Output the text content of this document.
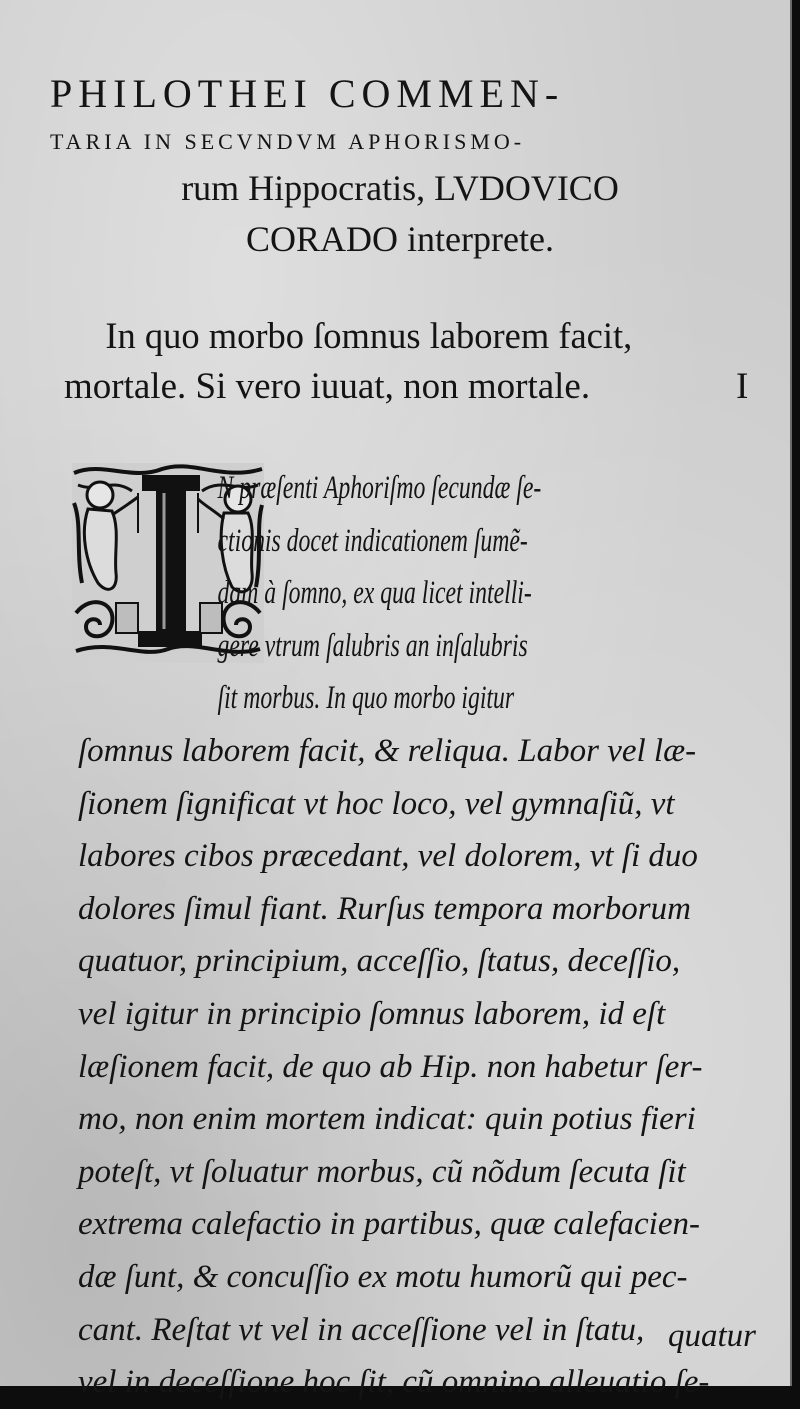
PHILOTHEI COMMEN-
TARIA IN SECVNDVM APHORISMO-
rum Hippocratis, LVDOVICO
CORADO interprete.
In quo morbo ſomnus laborem facit,
mortale. Si vero iuuat, non mortale.	I
N præſenti Aphoriſmo ſecundæ ſe-
ctionis docet indicationem ſumẽ-
dam à ſomno, ex qua licet intelli-
gere vtrum ſalubris an inſalubris
ſit morbus. In quo morbo igitur
ſomnus laborem facit, & reliqua. Labor vel læ-
ſionem ſignificat vt hoc loco, vel gymnaſiũ, vt
labores cibos præcedant, vel dolorem, vt ſi duo
dolores ſimul fiant. Rurſus tempora morborum
quatuor, principium, acceſſio, ſtatus, deceſſio,
vel igitur in principio ſomnus laborem, id eſt
læſionem facit, de quo ab Hip. non habetur ſer-
mo, non enim mortem indicat: quin potius fieri
poteſt, vt ſoluatur morbus, cũ nõdum ſecuta ſit
extrema calefactio in partibus, quæ calefacien-
dæ ſunt, & concuſſio ex motu humorũ qui pec-
cant. Reſtat vt vel in acceſſione vel in ſtatu,
vel in deceſſione hoc ſit, cũ omnino alleuatio ſe-
quatur
